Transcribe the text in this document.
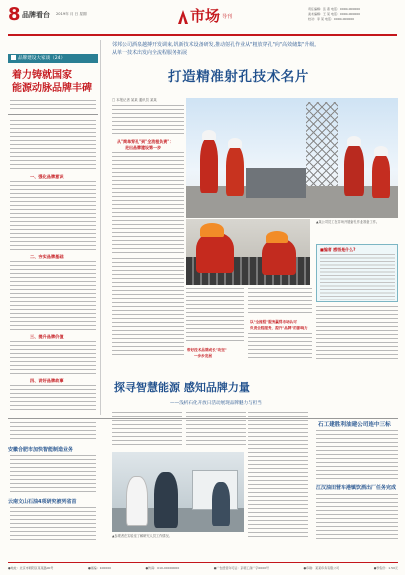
8 品牌看台 2019年 月 日 星期	市场 导刊
责任编辑：张 燕 电话：0000-000000
美术编辑：王 某 电话：0000-000000
校对：李 某 电话：0000-000000
品牌建设大家谈（24）
着力铸就国家
能源动脉品牌丰碑
一、强化品牌意识
二、夯实品牌基础
三、提升品牌价值
四、讲好品牌故事
邻邦公司酒泉越搏开发调束,钒新技术设备研发,推动射孔作业从"粗放穿孔"向"高效储集"升级。
从单一技术出发向全流程服务拓展
打造精准射孔技术名片
□ 本报记者 某某 通讯员 某某
从"简单穿孔"到"全流程负责"：
走出品牌建设第一步
▲某公司员工在井场开展射孔作业准备工作。
■编者 感悟是什么?
带好技术品牌成长"攻坚"
一步步发展
以"全流程"服务赢得市场认可
负责全程服务，提升"品牌"的影响力
安徽合肥市加快智能制造业务
云南文山石油4项研究被列省首
探寻智慧能源 感知品牌力量
——浅析石化开放日活动展现品牌魅力与担当
▲参观者在实验室了解研究人员工作情况。
石工建胜利油建公司连中三标
江汉油田营车港镇饮酒出厂任务完成
●地址：北京市朝阳区某某路00号	●邮编：100000	●传真：010-00000000	●广告经营许可证：京朝工商广字0000号	●印刷：某某印务有限公司	●零售价：1.50元
